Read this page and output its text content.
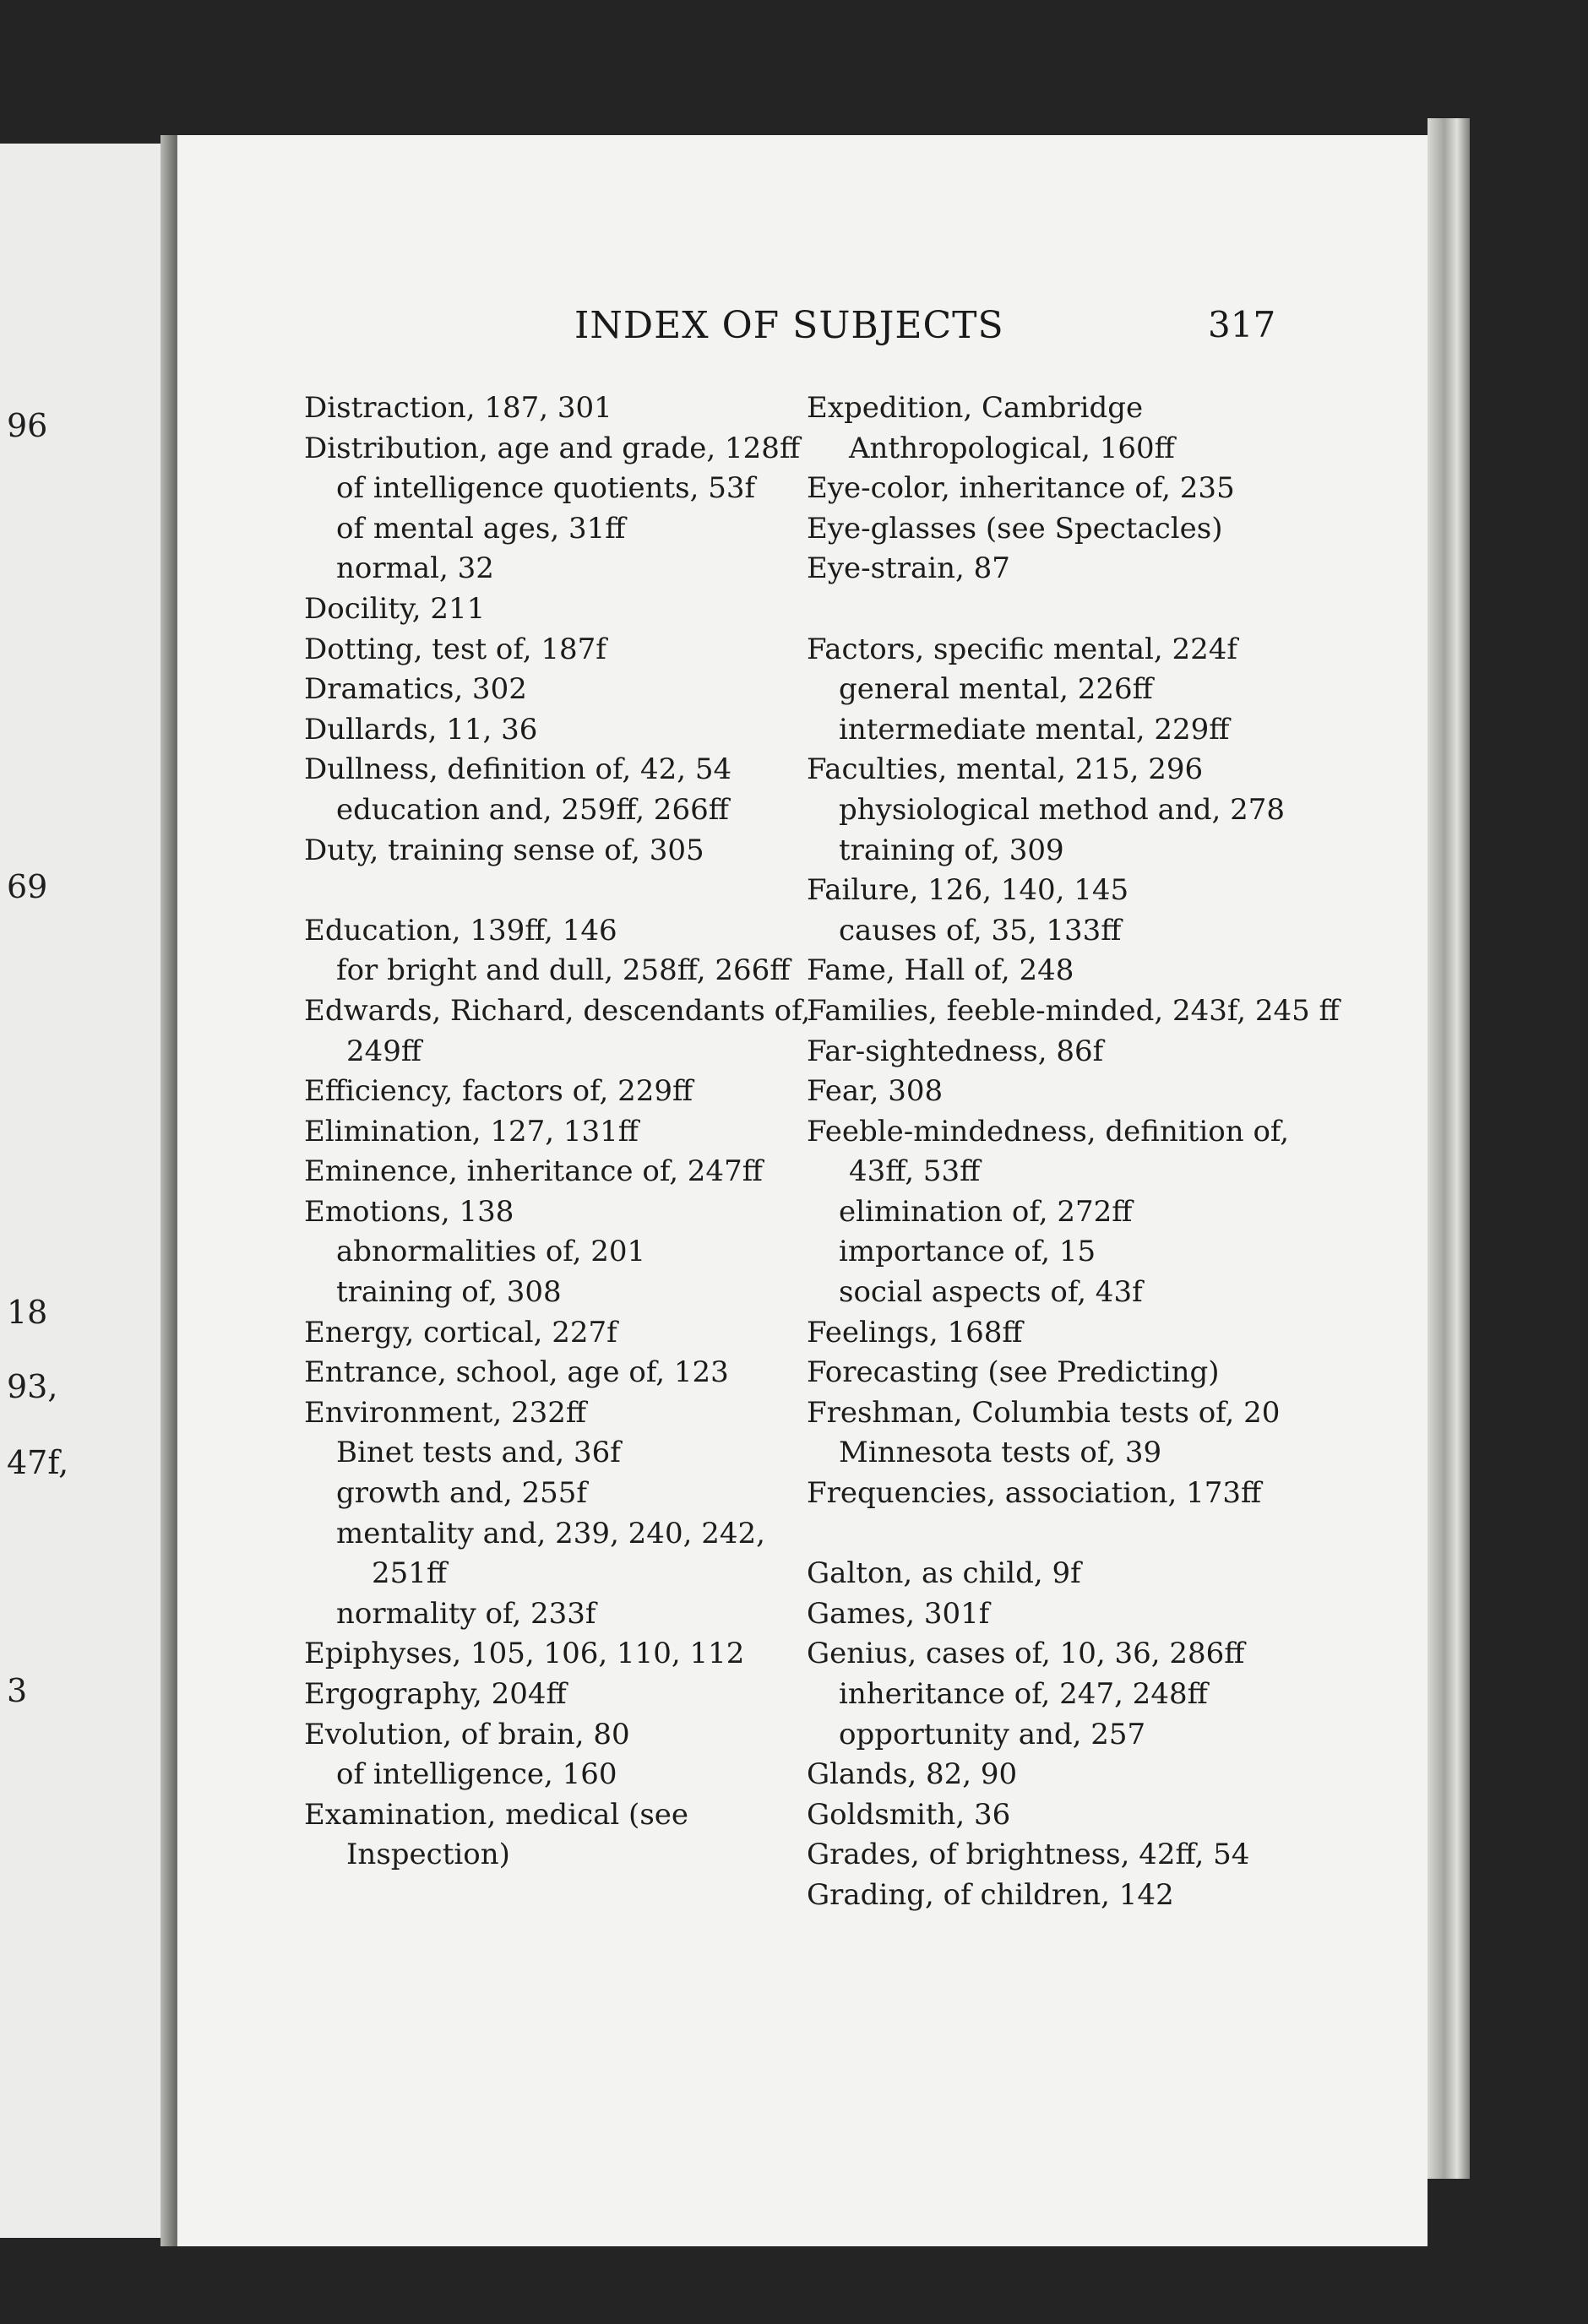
96
69
18
93,
47f,
3
INDEX OF SUBJECTS	317
Distraction, 187, 301
Distribution, age and grade, 128ff
of intelligence quotients, 53f
of mental ages, 31ff
normal, 32
Docility, 211
Dotting, test of, 187f
Dramatics, 302
Dullards, 11, 36
Dullness, definition of, 42, 54
education and, 259ff, 266ff
Duty, training sense of, 305
Education, 139ff, 146
for bright and dull, 258ff, 266ff
Edwards, Richard, descendants of, 249ff
Efficiency, factors of, 229ff
Elimination, 127, 131ff
Eminence, inheritance of, 247ff
Emotions, 138
abnormalities of, 201
training of, 308
Energy, cortical, 227f
Entrance, school, age of, 123
Environment, 232ff
Binet tests and, 36f
growth and, 255f
mentality and, 239, 240, 242, 251ff
normality of, 233f
Epiphyses, 105, 106, 110, 112
Ergography, 204ff
Evolution, of brain, 80
of intelligence, 160
Examination, medical (see Inspection)
Expedition, Cambridge Anthropological, 160ff
Eye-color, inheritance of, 235
Eye-glasses (see Spectacles)
Eye-strain, 87
Factors, specific mental, 224f
general mental, 226ff
intermediate mental, 229ff
Faculties, mental, 215, 296
physiological method and, 278
training of, 309
Failure, 126, 140, 145
causes of, 35, 133ff
Fame, Hall of, 248
Families, feeble-minded, 243f, 245 ff
Far-sightedness, 86f
Fear, 308
Feeble-mindedness, definition of, 43ff, 53ff
elimination of, 272ff
importance of, 15
social aspects of, 43f
Feelings, 168ff
Forecasting (see Predicting)
Freshman, Columbia tests of, 20
Minnesota tests of, 39
Frequencies, association, 173ff
Galton, as child, 9f
Games, 301f
Genius, cases of, 10, 36, 286ff
inheritance of, 247, 248ff
opportunity and, 257
Glands, 82, 90
Goldsmith, 36
Grades, of brightness, 42ff, 54
Grading, of children, 142
